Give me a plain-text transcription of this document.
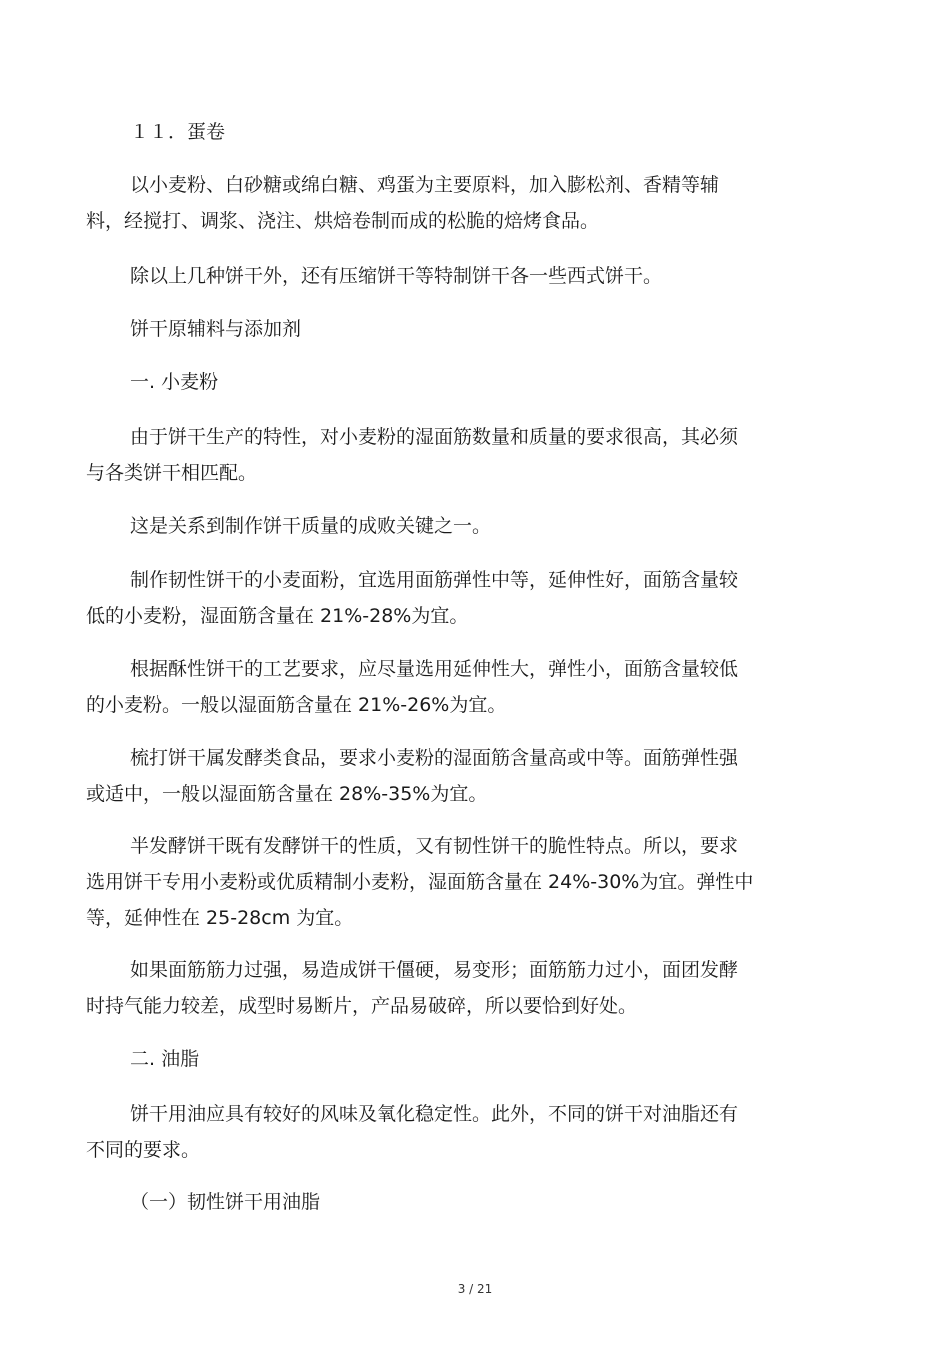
１１．蛋卷

以小麦粉、白砂糖或绵白糖、鸡蛋为主要原料，加入膨松剂、香精等辅
料，经搅打、调浆、浇注、烘焙卷制而成的松脆的焙烤食品。

除以上几种饼干外，还有压缩饼干等特制饼干各一些西式饼干。

饼干原辅料与添加剂

一. 小麦粉

由于饼干生产的特性，对小麦粉的湿面筋数量和质量的要求很高，其必须
与各类饼干相匹配。

这是关系到制作饼干质量的成败关键之一。

制作韧性饼干的小麦面粉，宜选用面筋弹性中等，延伸性好，面筋含量较
低的小麦粉，湿面筋含量在 21%-28%为宜。

根据酥性饼干的工艺要求，应尽量选用延伸性大，弹性小，面筋含量较低
的小麦粉。一般以湿面筋含量在 21%-26%为宜。

梳打饼干属发酵类食品，要求小麦粉的湿面筋含量高或中等。面筋弹性强
或适中，一般以湿面筋含量在 28%-35%为宜。

半发酵饼干既有发酵饼干的性质，又有韧性饼干的脆性特点。所以，要求
选用饼干专用小麦粉或优质精制小麦粉，湿面筋含量在 24%-30%为宜。弹性中
等，延伸性在 25-28cm 为宜。

如果面筋筋力过强，易造成饼干僵硬，易变形；面筋筋力过小，面团发酵
时持气能力较差，成型时易断片，产品易破碎，所以要恰到好处。

二. 油脂

饼干用油应具有较好的风味及氧化稳定性。此外，不同的饼干对油脂还有
不同的要求。

（一）韧性饼干用油脂

3 / 21
